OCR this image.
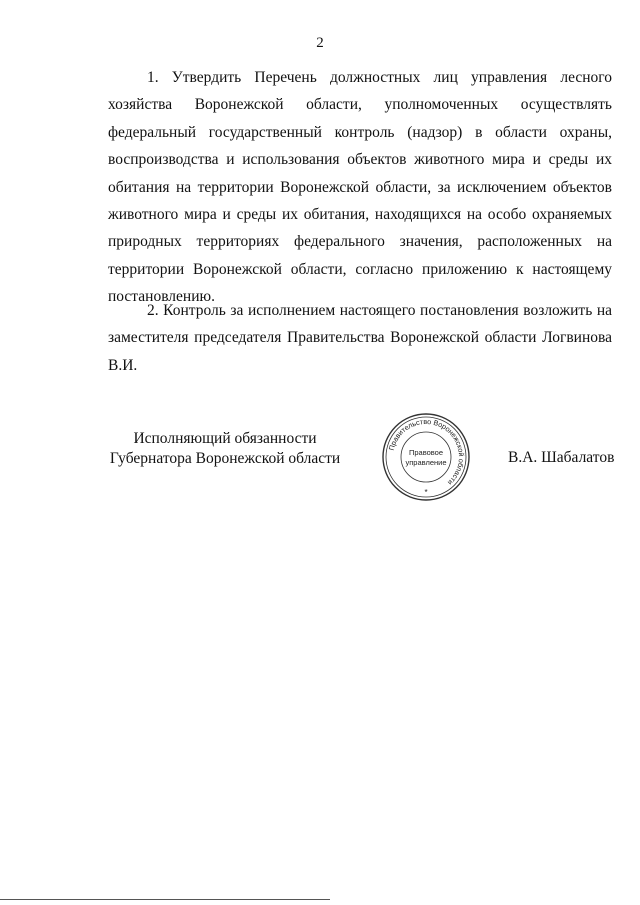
2

1. Утвердить Перечень должностных лиц управления лесного хозяйства Воронежской области, уполномоченных осуществлять федеральный государственный контроль (надзор) в области охраны, воспроизводства и использования объектов животного мира и среды их обитания на территории Воронежской области, за исключением объектов животного мира и среды их обитания, находящихся на особо охраняемых природных территориях федерального значения, расположенных на территории Воронежской области, согласно приложению к настоящему постановлению.

2. Контроль за исполнением настоящего постановления возложить на заместителя председателя Правительства Воронежской области Логвинова В.И.

Исполняющий обязанности
Губернатора Воронежской области
Правительство Воронежской области
Правовое
управление
*
В.А. Шабалатов
